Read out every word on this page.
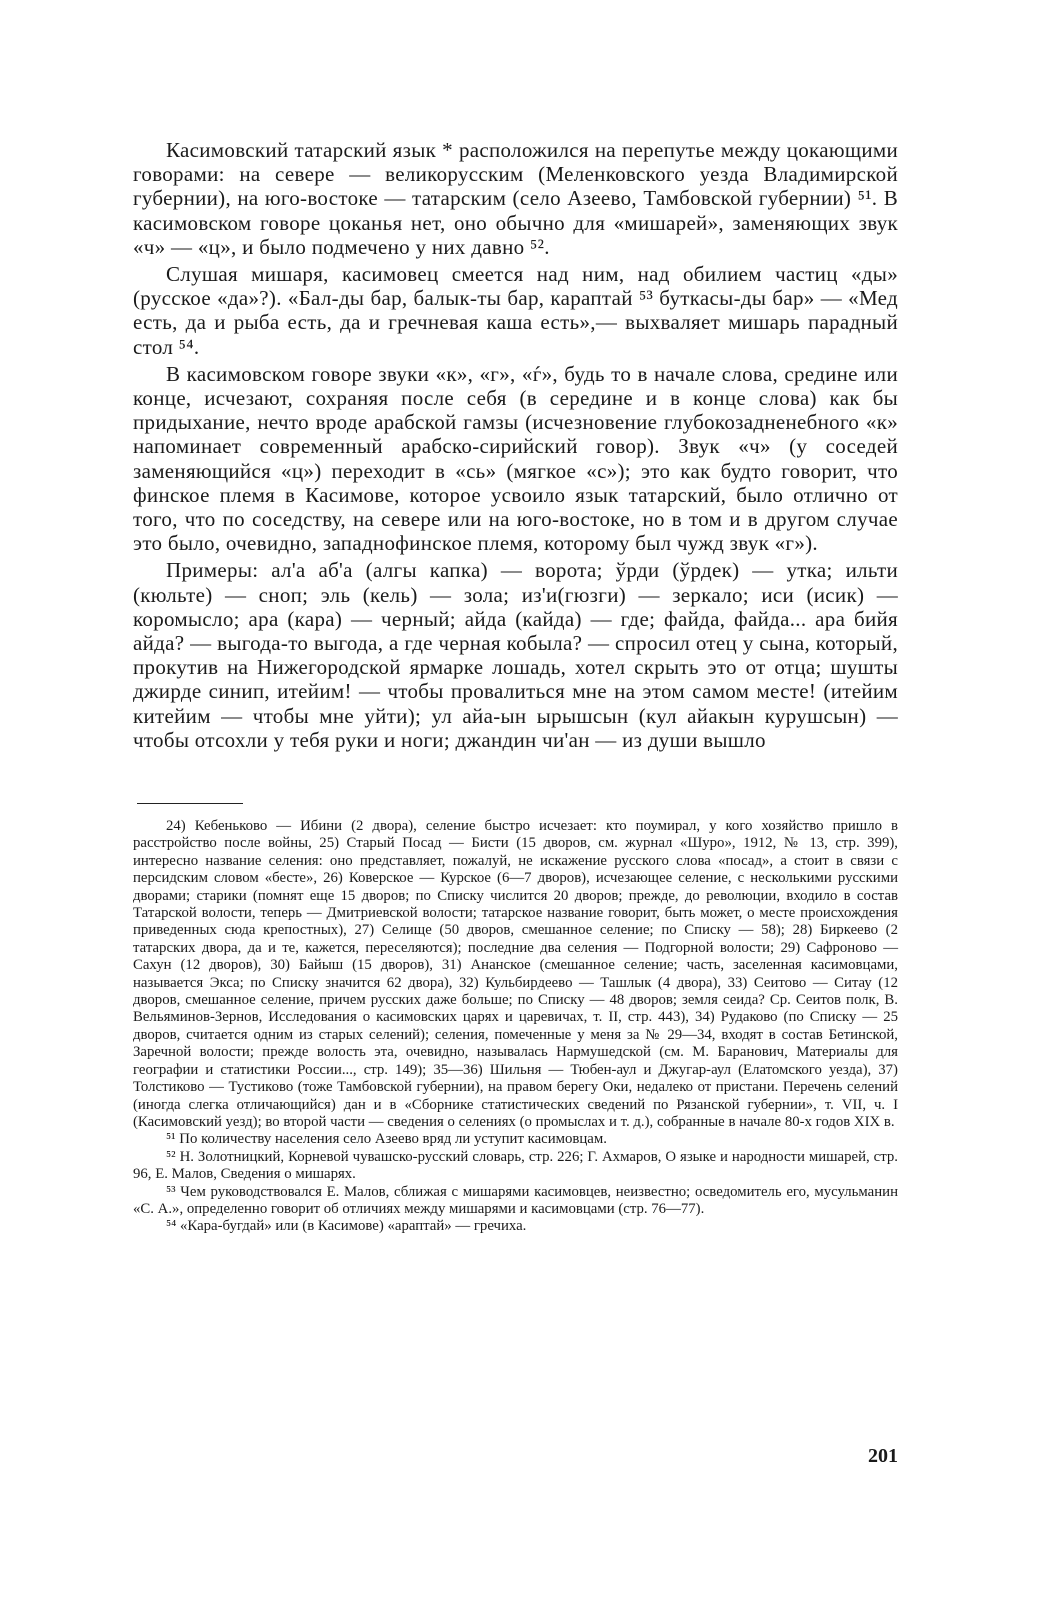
Касимовский татарский язык * расположился на перепутье между цокающими говорами: на севере — великорусским (Меленковского уезда Владимирской губернии), на юго-востоке — татарским (село Азеево, Тамбовской губернии) ⁵¹. В касимовском говоре цоканья нет, оно обычно для «мишарей», заменяющих звук «ч» — «ц», и было подмечено у них давно ⁵².

Слушая мишаря, касимовец смеется над ним, над обилием частиц «ды» (русское «да»?). «Бал-ды бар, балык-ты бар, караптай ⁵³ буткасы-ды бар» — «Мед есть, да и рыба есть, да и гречневая каша есть»,— выхваляет мишарь парадный стол ⁵⁴.

В касимовском говоре звуки «к», «г», «ѓ», будь то в начале слова, средине или конце, исчезают, сохраняя после себя (в середине и в конце слова) как бы придыхание, нечто вроде арабской гамзы (исчезновение глубокозадненебного «к» напоминает современный арабско-сирийский говор). Звук «ч» (у соседей заменяющийся «ц») переходит в «сь» (мягкое «с»); это как будто говорит, что финское племя в Касимове, которое усвоило язык татарский, было отлично от того, что по соседству, на севере или на юго-востоке, но в том и в другом случае это было, очевидно, западнофинское племя, которому был чужд звук «г»).

Примеры: ал'а аб'а (алгы капка) — ворота; ўрди (ўрдек) — утка; ильти (кюльте) — сноп; эль (кель) — зола; из'и(гюзги) — зеркало; иси (исик) — коромысло; ара (кара) — черный; айда (кайда) — где; файда, файда... ара бийя айда? — выгода-то выгода, а где черная кобыла? — спросил отец у сына, который, прокутив на Нижегородской ярмарке лошадь, хотел скрыть это от отца; шушты джирде синип, итейим! — чтобы провалиться мне на этом самом месте! (итейим китейим — чтобы мне уйти); ул айа-ын ырышсын (кул айакын курушсын) — чтобы отсохли у тебя руки и ноги; джандин чи'ан — из души вышло

24) Кебеньково — Ибини (2 двора), селение быстро исчезает: кто поумирал, у кого хозяйство пришло в расстройство после войны, 25) Старый Посад — Бисти (15 дворов, см. журнал «Шуро», 1912, № 13, стр. 399), интересно название селения: оно представляет, пожалуй, не искажение русского слова «посад», а стоит в связи с персидским словом «бесте», 26) Коверское — Курское (6—7 дворов), исчезающее селение, с несколькими русскими дворами; старики (помнят еще 15 дворов; по Списку числится 20 дворов; прежде, до революции, входило в состав Татарской волости, теперь — Дмитриевской волости; татарское название говорит, быть может, о месте происхождения приведенных сюда крепостных), 27) Селище (50 дворов, смешанное селение; по Списку — 58); 28) Биркеево (2 татарских двора, да и те, кажется, переселяются); последние два селения — Подгорной волости; 29) Сафроново — Сахун (12 дворов), 30) Байыш (15 дворов), 31) Ананское (смешанное селение; часть, заселенная касимовцами, называется Экса; по Списку значится 62 двора), 32) Кульбирдеево — Ташлык (4 двора), 33) Сеитово — Ситау (12 дворов, смешанное селение, причем русских даже больше; по Списку — 48 дворов; земля сеида? Ср. Сеитов полк, В. Вельяминов-Зернов, Исследования о касимовских царях и царевичах, т. II, стр. 443), 34) Рудаково (по Списку — 25 дворов, считается одним из старых селений); селения, помеченные у меня за № 29—34, входят в состав Бетинской, Заречной волости; прежде волость эта, очевидно, называлась Нармушедской (см. М. Баранович, Материалы для географии и статистики России..., стр. 149); 35—36) Шильня — Тюбен-аул и Джугар-аул (Елатомского уезда), 37) Толстиково — Тустиково (тоже Тамбовской губернии), на правом берегу Оки, недалеко от пристани. Перечень селений (иногда слегка отличающийся) дан и в «Сборнике статистических сведений по Рязанской губернии», т. VII, ч. I (Касимовский уезд); во второй части — сведения о селениях (о промыслах и т. д.), собранные в начале 80-х годов XIX в.

⁵¹ По количеству населения село Азеево вряд ли уступит касимовцам.

⁵² Н. Золотницкий, Корневой чувашско-русский словарь, стр. 226; Г. Ахмаров, О языке и народности мишарей, стр. 96, Е. Малов, Сведения о мишарях.

⁵³ Чем руководствовался Е. Малов, сближая с мишарями касимовцев, неизвестно; осведомитель его, мусульманин «С. А.», определенно говорит об отличиях между мишарями и касимовцами (стр. 76—77).

⁵⁴ «Кара-бугдай» или (в Касимове) «араптай» — гречиха.

201
